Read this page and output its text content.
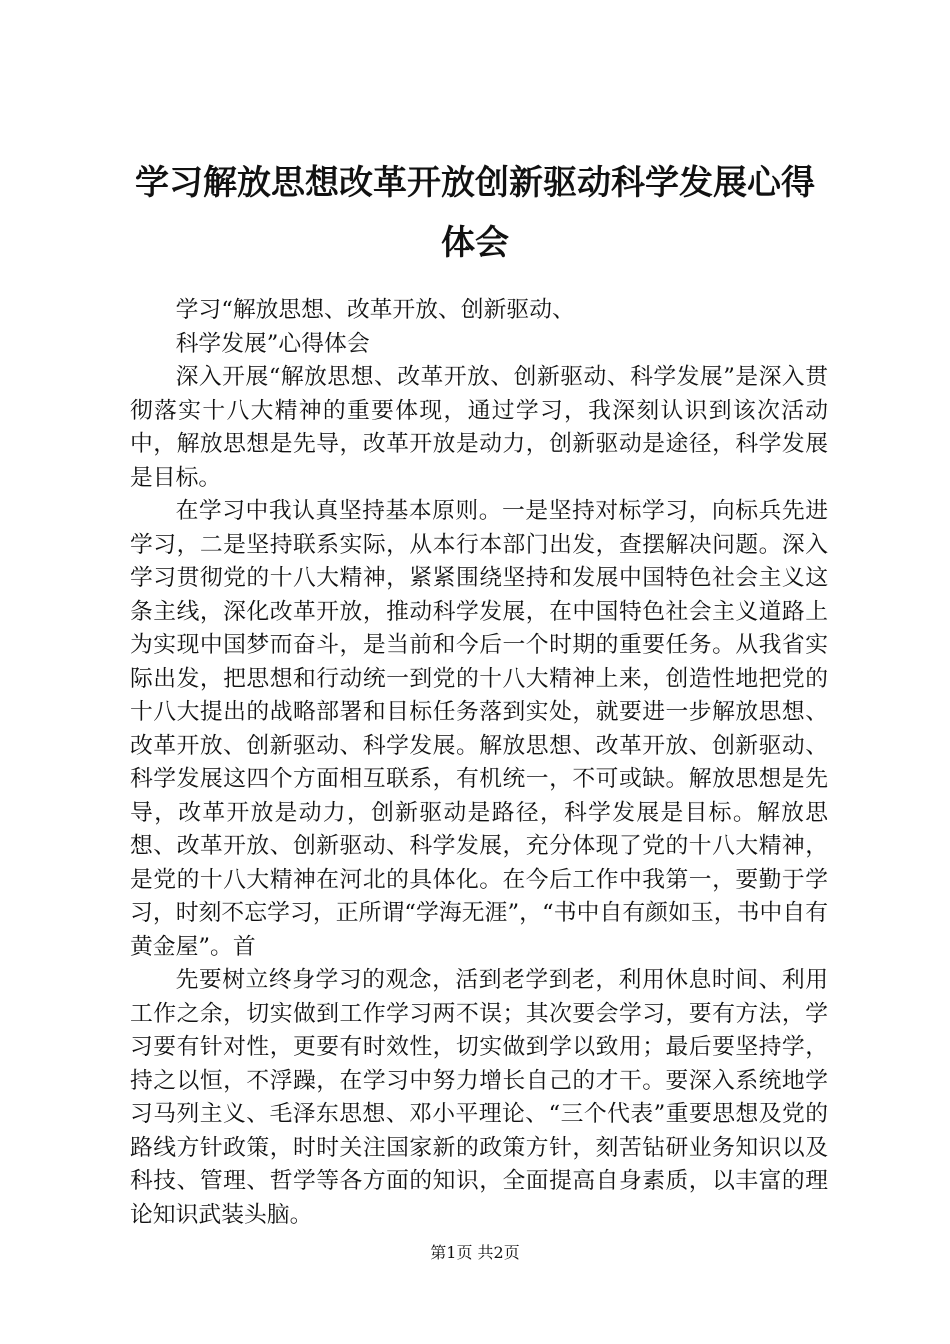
学习解放思想改革开放创新驱动科学发展心得
体会

学习“解放思想、改革开放、创新驱动、

科学发展”心得体会

深入开展“解放思想、改革开放、创新驱动、科学发展”是深入贯彻落实十八大精神的重要体现，通过学习，我深刻认识到该次活动中，解放思想是先导，改革开放是动力，创新驱动是途径，科学发展是目标。

在学习中我认真坚持基本原则。一是坚持对标学习，向标兵先进学习，二是坚持联系实际，从本行本部门出发，查摆解决问题。深入学习贯彻党的十八大精神，紧紧围绕坚持和发展中国特色社会主义这条主线，深化改革开放，推动科学发展，在中国特色社会主义道路上为实现中国梦而奋斗，是当前和今后一个时期的重要任务。从我省实际出发，把思想和行动统一到党的十八大精神上来，创造性地把党的十八大提出的战略部署和目标任务落到实处，就要进一步解放思想、改革开放、创新驱动、科学发展。解放思想、改革开放、创新驱动、科学发展这四个方面相互联系，有机统一，不可或缺。解放思想是先导，改革开放是动力，创新驱动是路径，科学发展是目标。解放思想、改革开放、创新驱动、科学发展，充分体现了党的十八大精神，是党的十八大精神在河北的具体化。在今后工作中我第一，要勤于学习，时刻不忘学习，正所谓“学海无涯”，“书中自有颜如玉，书中自有黄金屋”。首

先要树立终身学习的观念，活到老学到老，利用休息时间、利用工作之余，切实做到工作学习两不误；其次要会学习，要有方法，学习要有针对性，更要有时效性，切实做到学以致用；最后要坚持学，持之以恒，不浮躁，在学习中努力增长自己的才干。要深入系统地学习马列主义、毛泽东思想、邓小平理论、“三个代表”重要思想及党的路线方针政策，时时关注国家新的政策方针，刻苦钻研业务知识以及科技、管理、哲学等各方面的知识，全面提高自身素质，以丰富的理论知识武装头脑。

第1页 共2页
